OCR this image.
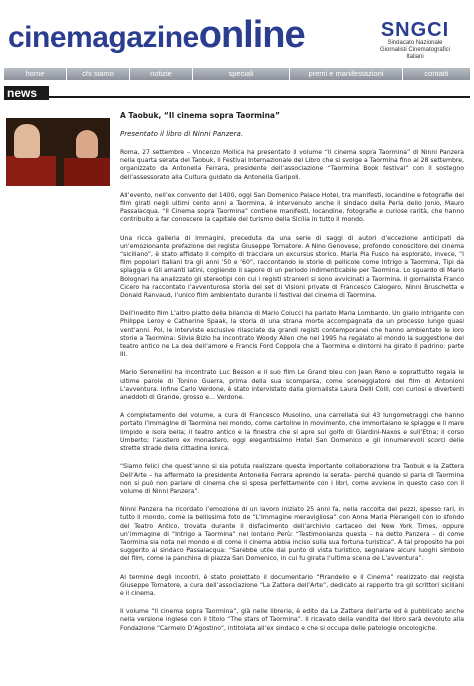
cinemagazineonline	SNGCI
Sindacato Nazionale
Giornalisti Cinematografici Italiani
home	chi siamo	notizie	speciali	premi e manifestazioni	contatti
news
A Taobuk, “Il cinema sopra Taormina”
Presentato il libro di Ninni Panzera.

Roma, 27 settembre – Vincenzo Mollica ha presentato il volume “Il cinema sopra Taormina” di Ninni Panzera nella quarta serata del Taobuk, il Festival Internazionale del Libro che si svolge a Taormina fino al 28 settembre, organizzato da Antonella Ferrara, presidente dell’associazione “Taormina Book festival” con il sostegno dell’assessorato alla Cultura guidato da Antonella Garipoli.

All’evento, nell’ex convento del 1400, oggi San Domenico Palace Hotel, tra manifesti, locandine e fotografie dei film girati negli ultimi cento anni a Taormina, è intervenuto anche il sindaco della Perla dello Jonio, Mauro Passalacqua. “Il Cinema sopra Taormina” contiene manifesti, locandine, fotografie e curiose rarità, che hanno contribuito a far conoscere la capitale del turismo della Sicilia in tutto il mondo.

Una ricca galleria di immagini, preceduta da una serie di saggi di autori d’eccezione anticipati da un’emozionante prefazione del regista Giuseppe Tornatore. A Nino Genovese, profondo conoscitore del cinema “siciliano”, è stato affidato il compito di tracciare un excursus storico. Maria Pia Fusco ha esplorato, invece, “I film popolari italiani tra gli anni ‘50 e ‘60”, raccontando le storie di pellicole come Intrigo a Taormina, Tipi da spiaggia e Gli amanti latini, cogliendo il sapore di un periodo indimenticabile per Taormina. Lo sguardo di Mario Bolognari ha analizzato gli stereotipi con cui i registi stranieri si sono avvicinati a Taormina. Il giornalista Franco Cicero ha raccontato l’avventurosa storia del set di Visioni private di Francesco Calogero, Ninni Bruschetta e Donald Ranvaud, l’unico film ambientato durante il festival del cinema di Taormina.

Dell’inedito film L’altro piatto della bilancia di Mario Colucci ha parlato Maria Lombardo. Un giallo intrigante con Philippe Leroy e Catherine Spaak, la storia di una strana morte accompagnata da un processo lungo quasi vent’anni. Poi, le interviste esclusive rilasciate da grandi registi contemporanei che hanno ambientato le loro storie a Taormina: Silvia Bizio ha incontrato Woody Allen che nel 1995 ha regalato al mondo la suggestione del teatro antico ne La dea dell’amore e Francis Ford Coppola che a Taormina e dintorni ha girato Il padrino: parte III.

Mario Serenellini ha incontrato Luc Besson e il suo film Le Grand bleu con Jean Reno e soprattutto regala le ultime parole di Tonino Guerra, prima della sua scomparsa, come sceneggiatore del film di Antonioni L’avventura. Infine Carlo Verdone, è stato intervistato dalla giornalista Laura Delli Colli, con curiosi e divertenti aneddoti di Grande, grosso e... Verdone.

A completamento del volume, a cura di Francesco Musolino, una carrellata sui 43 lungometraggi che hanno portato l’immagine di Taormina nel mondo, come cartoline in movimento, che immortalano le spiagge e il mare limpido e isola bella; il teatro antico e la finestra che si apre sul golfo di Giardini-Naxos e sull’Etna; il corso Umberto; l’austero ex monastero, oggi elegantissimo Hotel San Domenico e gli innumerevoli scorci delle strette strade della cittadina ionica.

“Siamo felici che quest’anno si sia potuta realizzare questa importante collaborazione tra Taobuk e la Zattera Dell’Arte – ha affermato la presidente Antonella Ferrara aprendo la serata- perché quando si parla di Taormina non si può non parlare di cinema che si sposa perfettamente con i libri, come avviene in questo caso con il volume di Ninni Panzera”.

Ninni Panzera ha ricordato l’emozione di un lavoro iniziato 25 anni fa, nella raccolta dei pezzi, spesso rari, in tutto il mondo, come la bellissima foto de “L’Immagine meravigliosa” con Anna Maria Pierangeli con lo sfondo del Teatro Antico, trovata durante il disfacimento dell’archivio cartaceo del New York Times, oppure un’immagine di “Intrigo a Taormina” nel lontano Perù: “Testimonianza questa – ha detto Panzera – di come Taormina sia nota nel mondo e di come il cinema abbia inciso sulla sua fortuna turistica”. A tal proposito ha poi suggerito al sindaco Passalacqua: “Sarebbe utile dal punto di vista turistico, segnalare alcuni luoghi simbolo del film, come la panchina di piazza San Domenico, in cui fu girata l’ultima scena de L’avventura”.

Al termine degli incontri, è stato proiettato il documentario “Pirandello e il Cinema” realizzato dal regista Giuseppe Tornatore, a cura dell’associazione “La Zattera dell’Arte”, dedicato ai rapporto tra gli scrittori siciliani e il cinema.

Il volume “Il cinema sopra Taormina”, già nelle librerie, è edito da La Zattera dell’arte ed è pubblicato anche nella versione inglese con il titolo “The stars of Taormina”. Il ricavato della vendita del libro sarà devoluto alla Fondazione “Carmelo D’Agostino”, intitolata all’ex sindaco e che si occupa delle patologie oncologiche.
